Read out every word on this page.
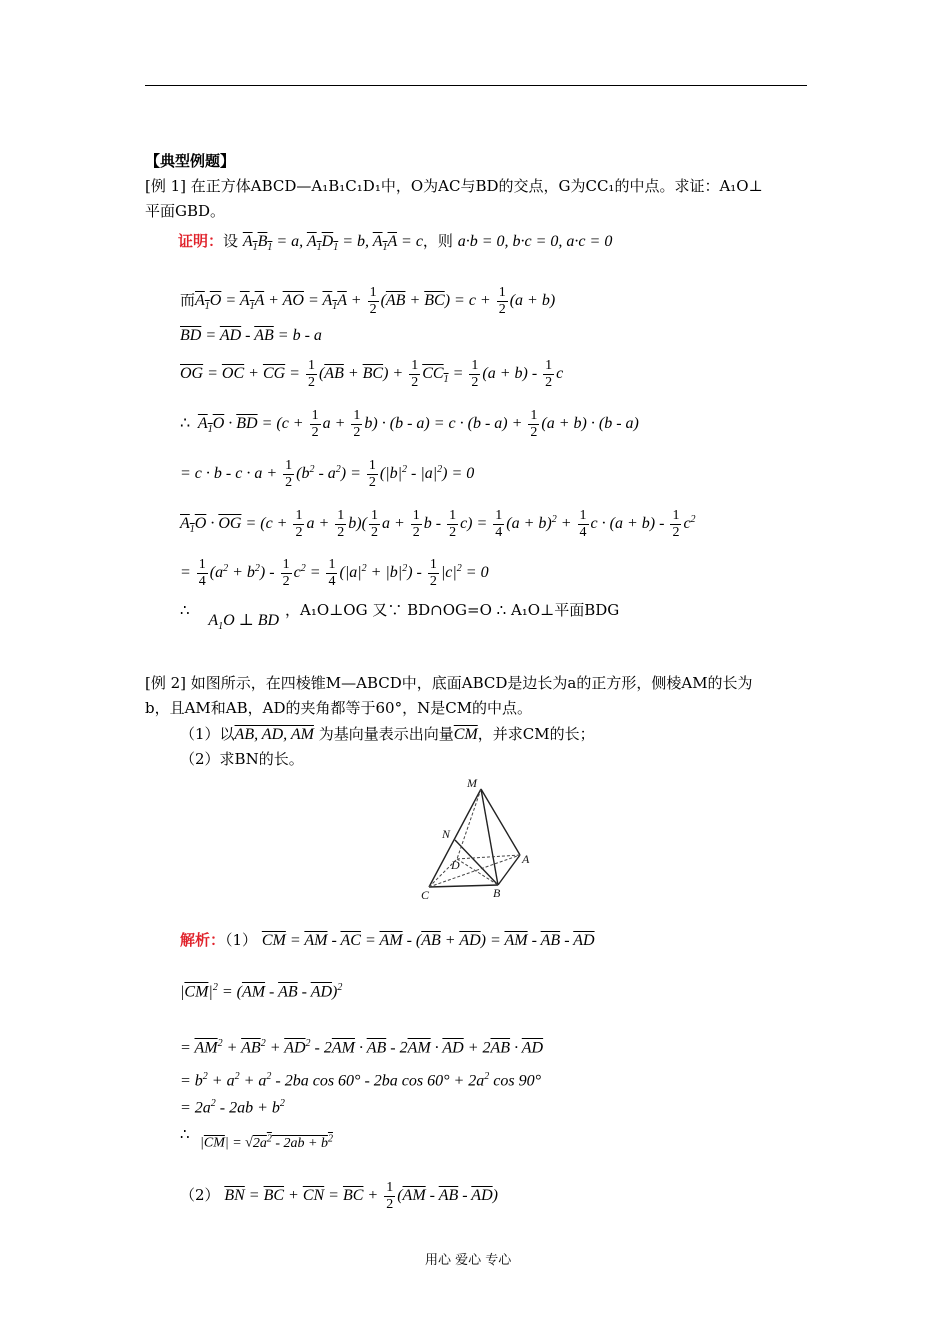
【典型例题】
[例 1] 在正方体ABCD—A₁B₁C₁D₁中，O为AC与BD的交点，G为CC₁的中点。求证：A₁O⊥
平面GBD。
证明：设 $A_1B_1 = a$, $A_1D_1 = b$, $A_1A = c$，则 a·b = 0, b·c = 0, a·c = 0
而$A_1O = A_1A + \overline{AO} = A_1A + \frac{1}{2} (\overline{AB} + \overline{BC}) = c + \frac{1}{2} (a + b)$
$\overline{BD} = \overline{AD} - \overline{AB} = b - a$
$\overline{OG} = \overline{OC} + \overline{CG} = \frac{1}{2} (\overline{AB} + \overline{BC}) + \frac{1}{2} CC_1 = \frac{1}{2} (a + b) - \frac{1}{2}$ c
∴ $A_1O \cdot \overline{BD} = (c + \frac{1}{2}$ $a + \frac{1}{2} b) \cdot (b - a) = c \cdot (b - a) + \frac{1}{2} (a + b) \cdot (b - a)$
= $c \cdot b - c \cdot a + \frac{1}{2} (b^2 - a^2) = \frac{1}{2} (|b|^2 - |a|^2) = 0$
$A_1O \cdot \overline{OG} = (c + \frac{1}{2}$ $a + \frac{1}{2} b)( \frac{1}{2}$ $a + \frac{1}{2}$ $b - \frac{1}{2} c) = \frac{1}{4} (a + b)^2 + \frac{1}{4}$ $c \cdot (a + b) - \frac{1}{2} c^2$
= $\frac{1}{4} (a^2 + b^2) - \frac{1}{2} c^2 = \frac{1}{4} (|a|^2 + |b|^2) - \frac{1}{2} |c|^2 = 0$
∴ $A_1O$ ⊥ BD，A₁O⊥OG 又∵ BD∩OG=O ∴ A₁O⊥平面BDG
[例 2] 如图所示，在四棱锥M—ABCD中，底面ABCD是边长为a的正方形，侧棱AM的长为
b，且AM和AB，AD的夹角都等于60°，N是CM的中点。
（1）以AB, AD, AM 为基向量表示出向量$\overline{CM}$，并求CM的长；
（2）求BN的长。
M
N
D	A
C	B
解析：（1） $\overline{CM} = \overline{AM} - \overline{AC} = \overline{AM} - (\overline{AB} + \overline{AD}) = \overline{AM} - \overline{AB} - \overline{AD}$
$|\overline{CM}|^2 = (\overline{AM} - \overline{AB} - \overline{AD})^2$
= $\overline{AM}^2 + \overline{AB}^2 + \overline{AD}^2 - 2\overline{AM} \cdot \overline{AB} - 2\overline{AM} \cdot \overline{AD} + 2\overline{AB} \cdot \overline{AD}$
= $b^2 + a^2 + a^2 - 2ba$ cos 60° - 2ba $\cos 60^\circ + 2a^2$ cos 90°
= $2a^2 - 2ab + b^2$
∴
$|\overline{CM}| = √2a^2 - 2ab + b^2$
（2） $\overline{BN} = \overline{BC} + \overline{CN} = \overline{BC} + \frac{1}{2} (\overline{AM} - \overline{AB} - \overline{AD})$
用心 爱心 专心
